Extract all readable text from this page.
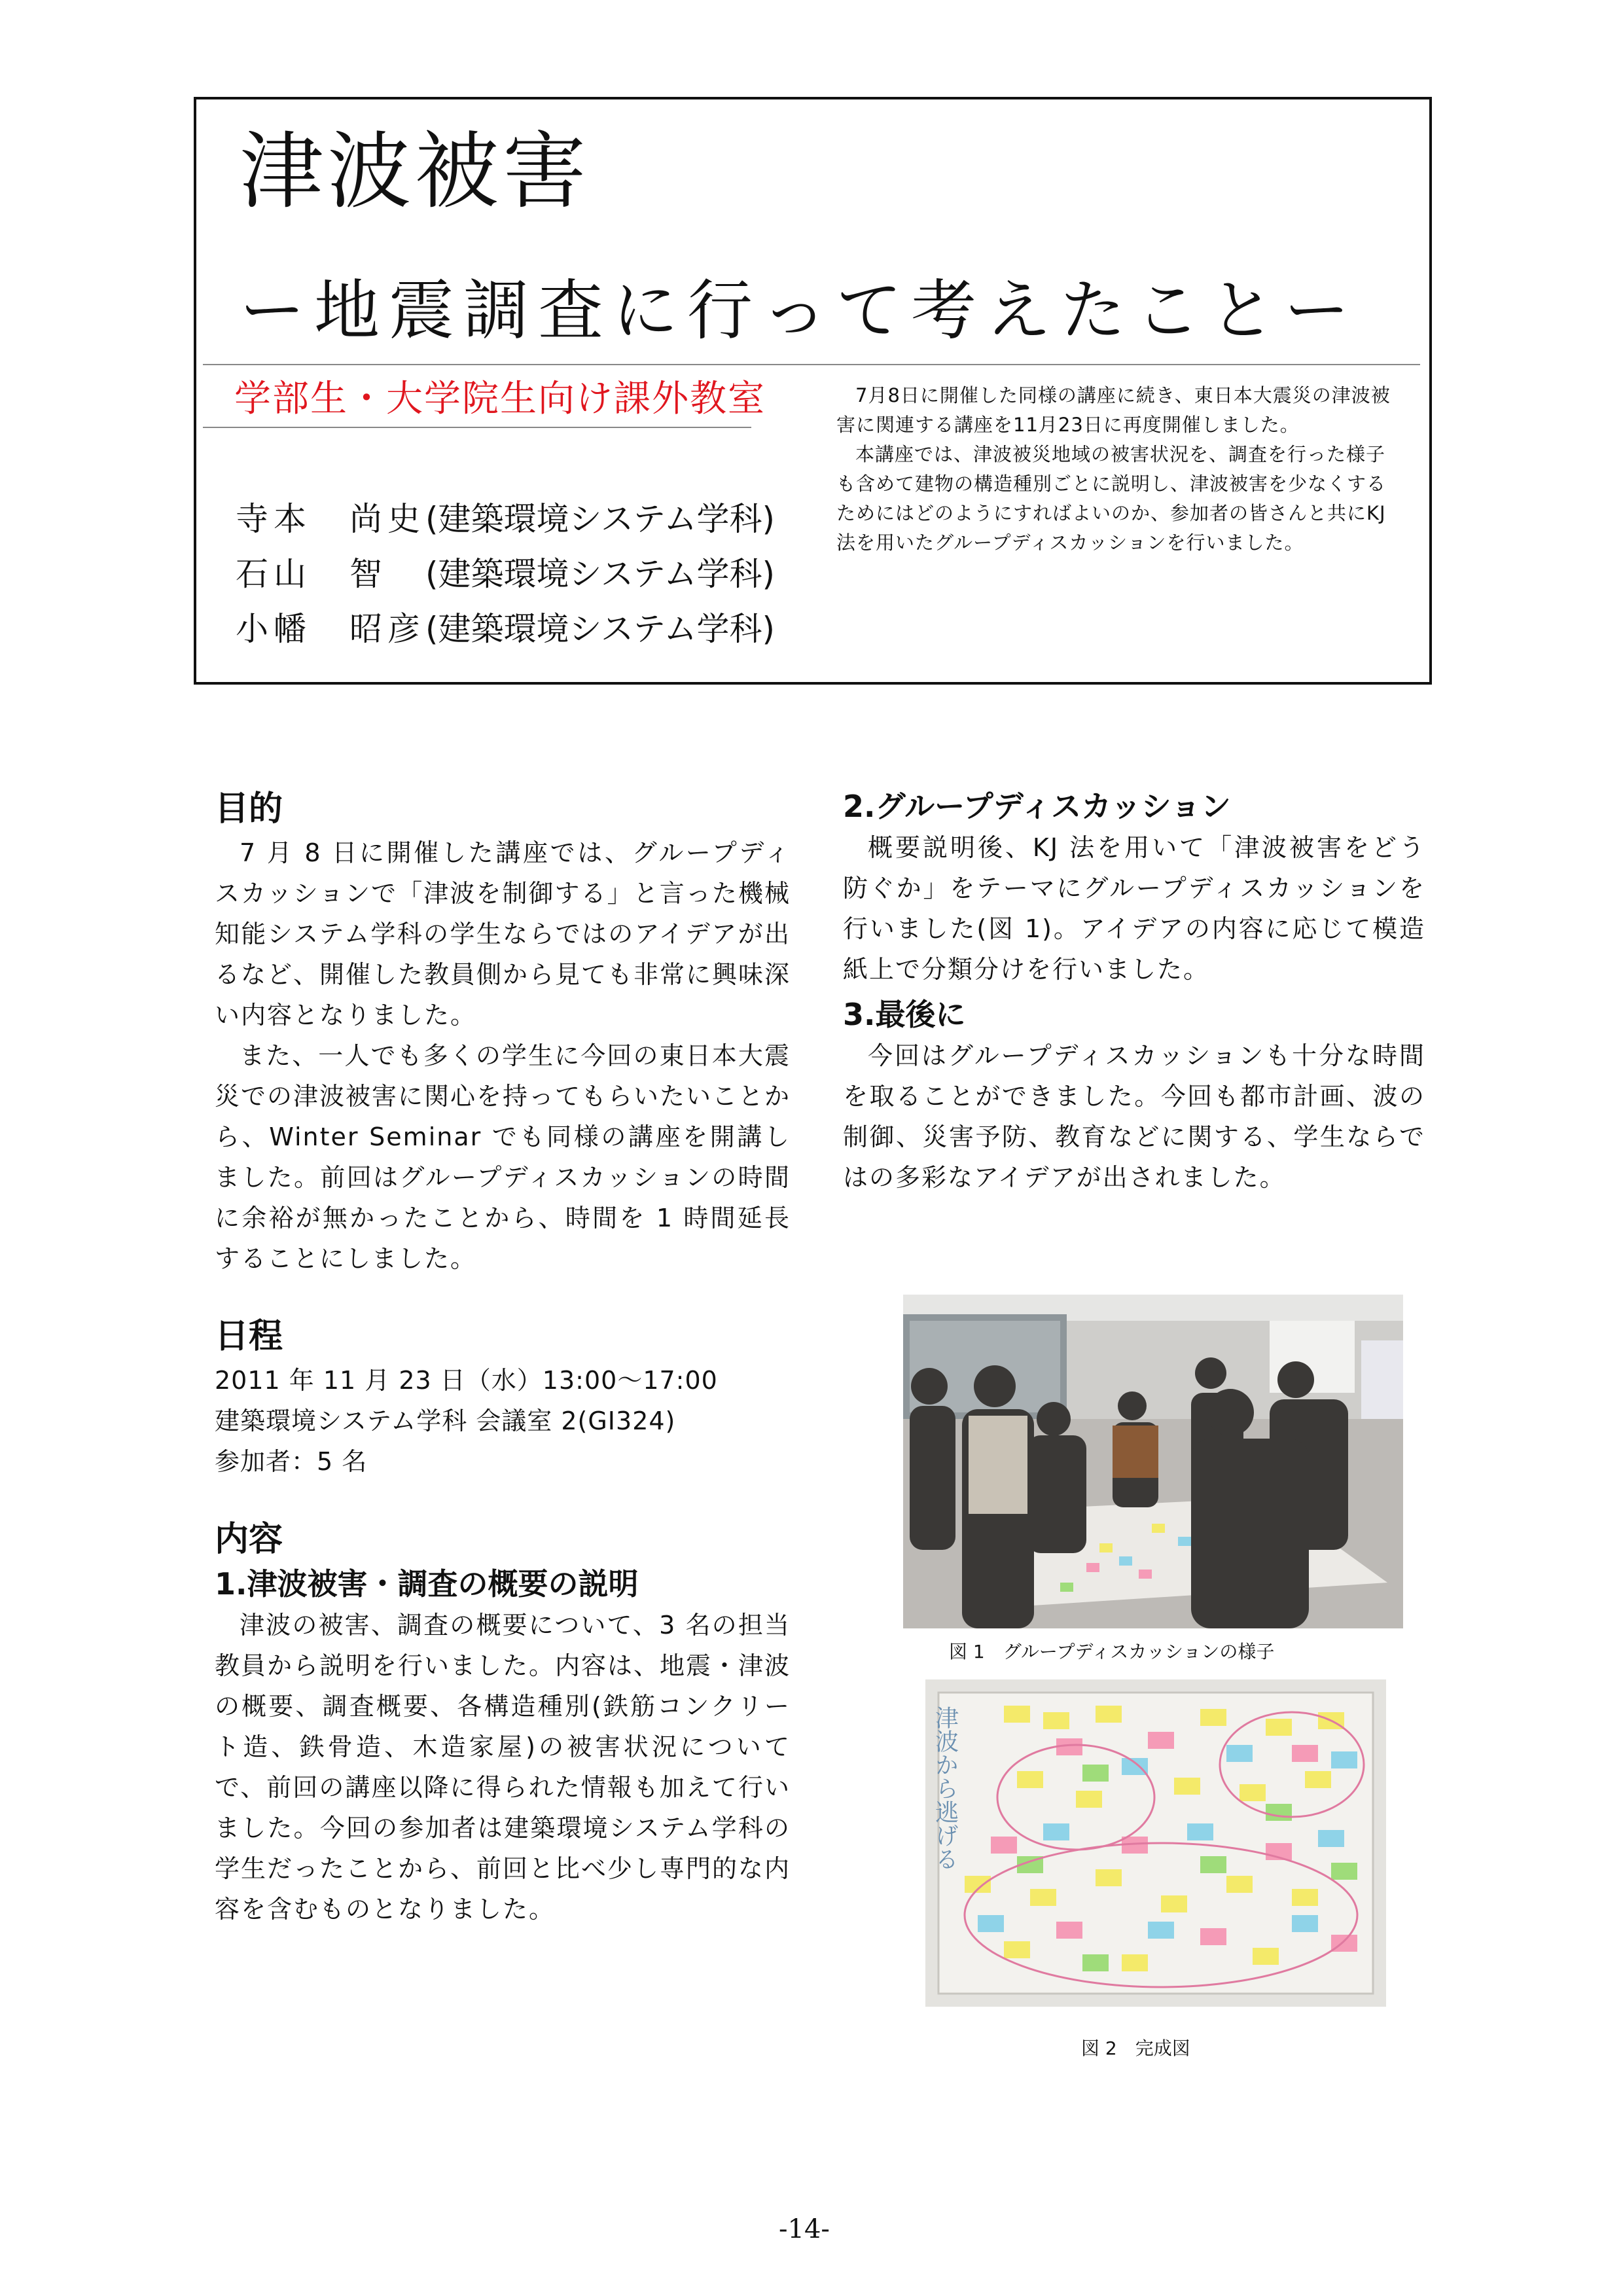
津波被害
ー地震調査に行って考えたことー
学部生・大学院生向け課外教室
寺本　尚史(建築環境システム学科)
石山　智 (建築環境システム学科)
小幡　昭彦(建築環境システム学科)

7月8日に開催した同様の講座に続き、東日本大震災の津波被害に関連する講座を11月23日に再度開催しました。

本講座では、津波被災地域の被害状況を、調査を行った様子も含めて建物の構造種別ごとに説明し、津波被害を少なくするためにはどのようにすればよいのか、参加者の皆さんと共にKJ法を用いたグループディスカッションを行いました。

目的

7 月 8 日に開催した講座では、グループディスカッションで「津波を制御する」と言った機械知能システム学科の学生ならではのアイデアが出るなど、開催した教員側から見ても非常に興味深い内容となりました。

また、一人でも多くの学生に今回の東日本大震災での津波被害に関心を持ってもらいたいことから、Winter Seminar でも同様の講座を開講しました。前回はグループディスカッションの時間に余裕が無かったことから、時間を 1 時間延長することにしました。

日程

2011 年 11 月 23 日（水）13:00～17:00

建築環境システム学科 会議室 2(GI324)

参加者：5 名

内容
1.津波被害・調査の概要の説明

津波の被害、調査の概要について、3 名の担当教員から説明を行いました。内容は、地震・津波の概要、調査概要、各構造種別(鉄筋コンクリート造、鉄骨造、木造家屋)の被害状況についてで、前回の講座以降に得られた情報も加えて行いました。今回の参加者は建築環境システム学科の学生だったことから、前回と比べ少し専門的な内容を含むものとなりました。

2.グループディスカッション

概要説明後、KJ 法を用いて「津波被害をどう防ぐか」をテーマにグループディスカッションを行いました(図 1)。アイデアの内容に応じて模造紙上で分類分けを行いました。

3.最後に

今回はグループディスカッションも十分な時間を取ることができました。今回も都市計画、波の制御、災害予防、教育などに関する、学生ならではの多彩なアイデアが出されました。

図 1　グループディスカッションの様子
津波から逃げる
図 2　完成図
-14-
